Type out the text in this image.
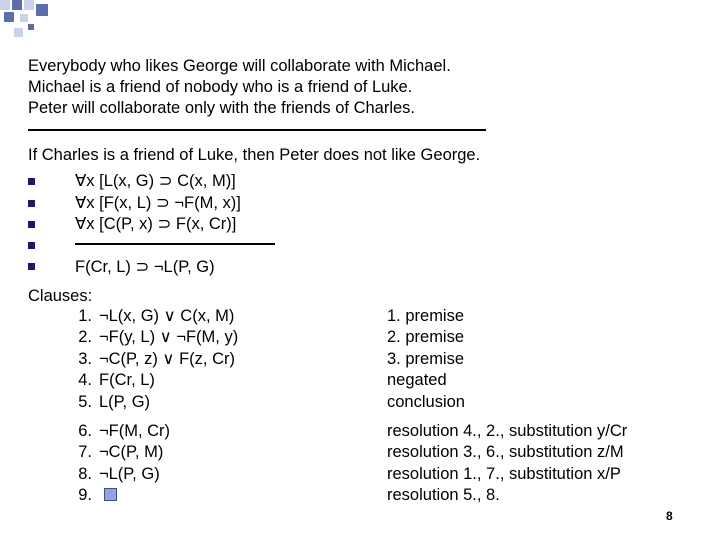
Everybody who likes George will collaborate with Michael.
Michael is a friend of nobody who is a friend of Luke.
Peter will collaborate only with the friends of Charles.
If Charles is a friend of Luke, then Peter does not like George.
∀x [L(x, G) ⊃ C(x, M)]
∀x [F(x, L) ⊃ ¬F(M, x)]
∀x [C(P, x) ⊃ F(x, Cr)]
F(Cr, L) ⊃ ¬L(P, G)
Clauses:
1. ¬L(x, G) ∨ C(x, M)	1. premise
2. ¬F(y, L) ∨ ¬F(M, y)	2. premise
3. ¬C(P, z) ∨ F(z, Cr)	3. premise
4. F(Cr, L)	negated
5. L(P, G)	conclusion
6. ¬F(M, Cr)	resolution 4., 2., substitution y/Cr
7. ¬C(P, M)	resolution 3., 6., substitution z/M
8. ¬L(P, G)	resolution 1., 7., substitution x/P
9.	resolution 5., 8.
8
